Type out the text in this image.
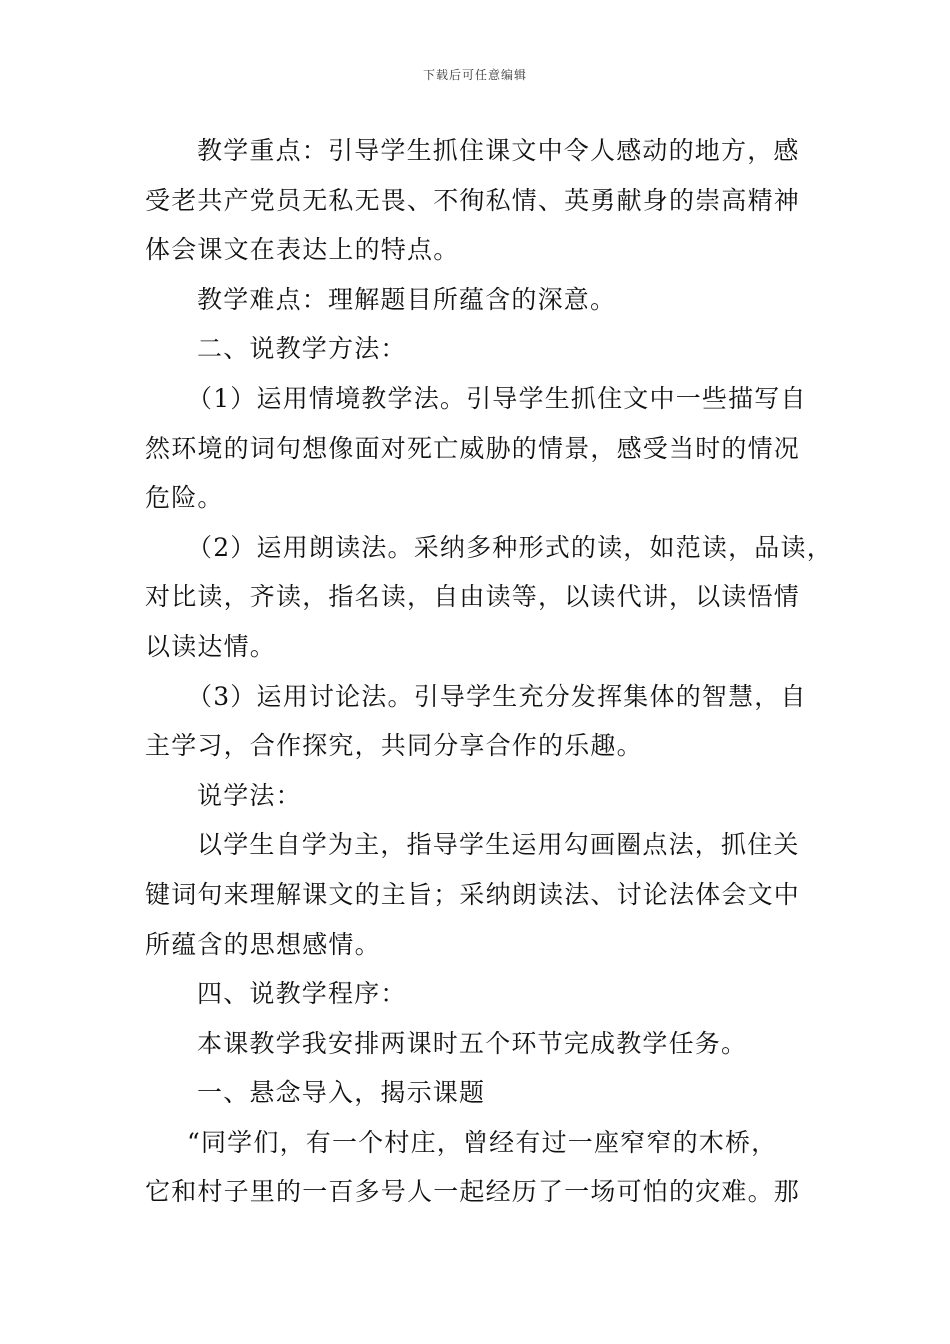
下载后可任意编辑
教学重点：引导学生抓住课文中令人感动的地方，感
受老共产党员无私无畏、不徇私情、英勇献身的崇高精神
体会课文在表达上的特点。
教学难点：理解题目所蕴含的深意。
二、说教学方法：
（1）运用情境教学法。引导学生抓住文中一些描写自
然环境的词句想像面对死亡威胁的情景，感受当时的情况
危险。
（2）运用朗读法。采纳多种形式的读，如范读，品读，
对比读，齐读，指名读，自由读等，以读代讲，以读悟情
以读达情。
（3）运用讨论法。引导学生充分发挥集体的智慧，自
主学习，合作探究，共同分享合作的乐趣。
说学法：
以学生自学为主，指导学生运用勾画圈点法，抓住关
键词句来理解课文的主旨；采纳朗读法、讨论法体会文中
所蕴含的思想感情。
四、说教学程序：
本课教学我安排两课时五个环节完成教学任务。
一、悬念导入，揭示课题
“同学们，有一个村庄，曾经有过一座窄窄的木桥，
它和村子里的一百多号人一起经历了一场可怕的灾难。那
